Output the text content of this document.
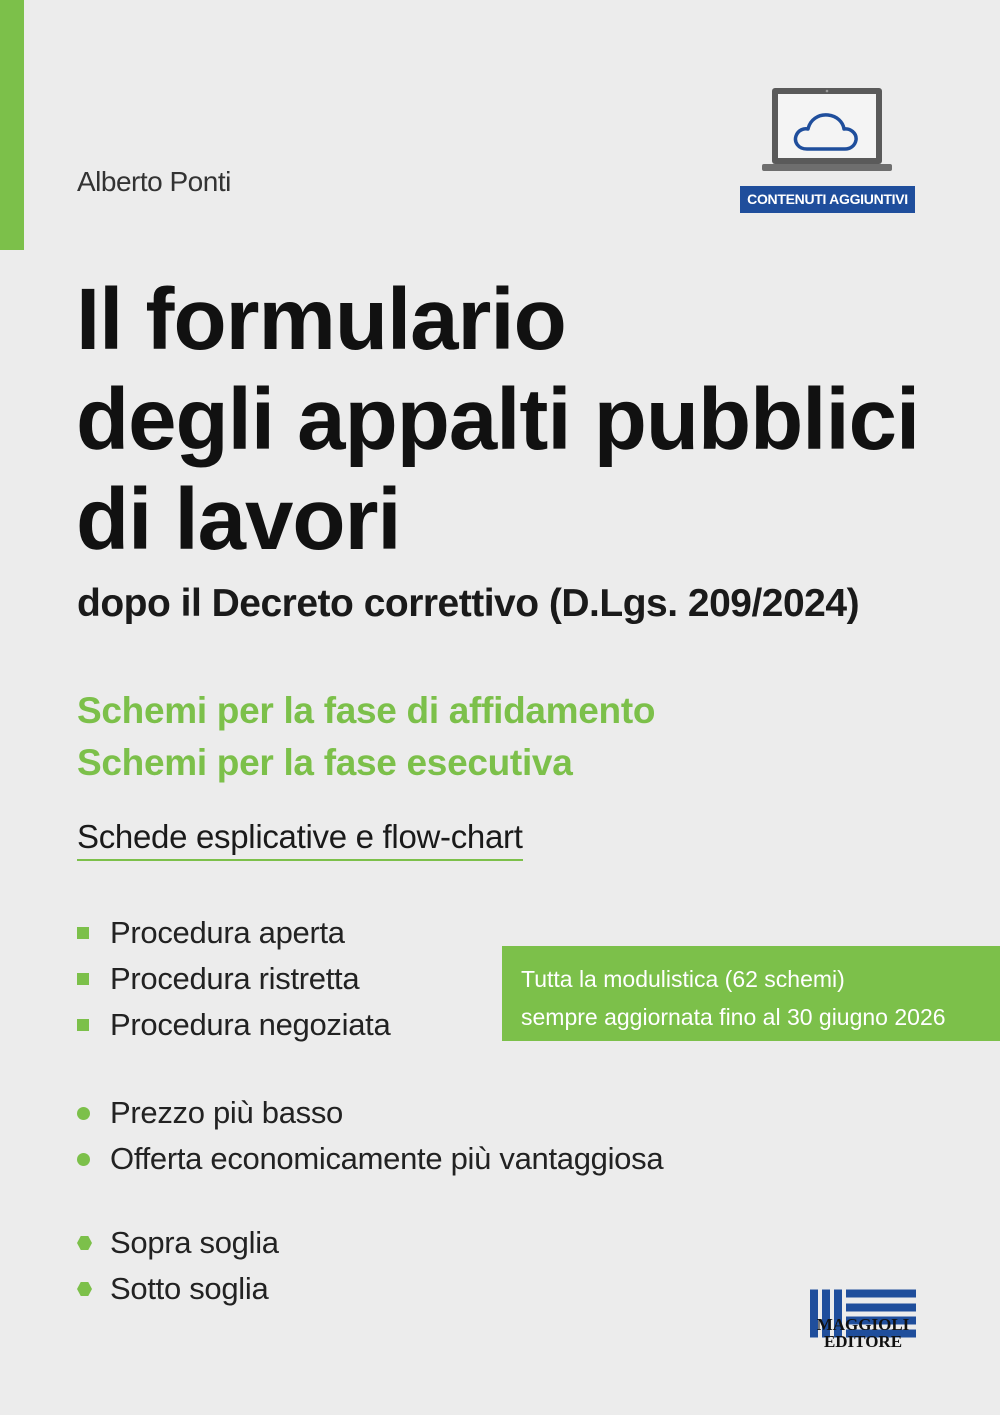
Alberto Ponti
CONTENUTI AGGIUNTIVI
Il formulario
degli appalti pubblici
di lavori
dopo il Decreto correttivo (D.Lgs. 209/2024)
Schemi per la fase di affidamento
Schemi per la fase esecutiva
Schede esplicative e flow-chart
Procedura aperta
Procedura ristretta
Procedura negoziata
Tutta la modulistica (62 schemi)
sempre aggiornata fino al 30 giugno 2026
Prezzo più basso
Offerta economicamente più vantaggiosa
Sopra soglia
Sotto soglia
MAGGIOLI
EDITORE
